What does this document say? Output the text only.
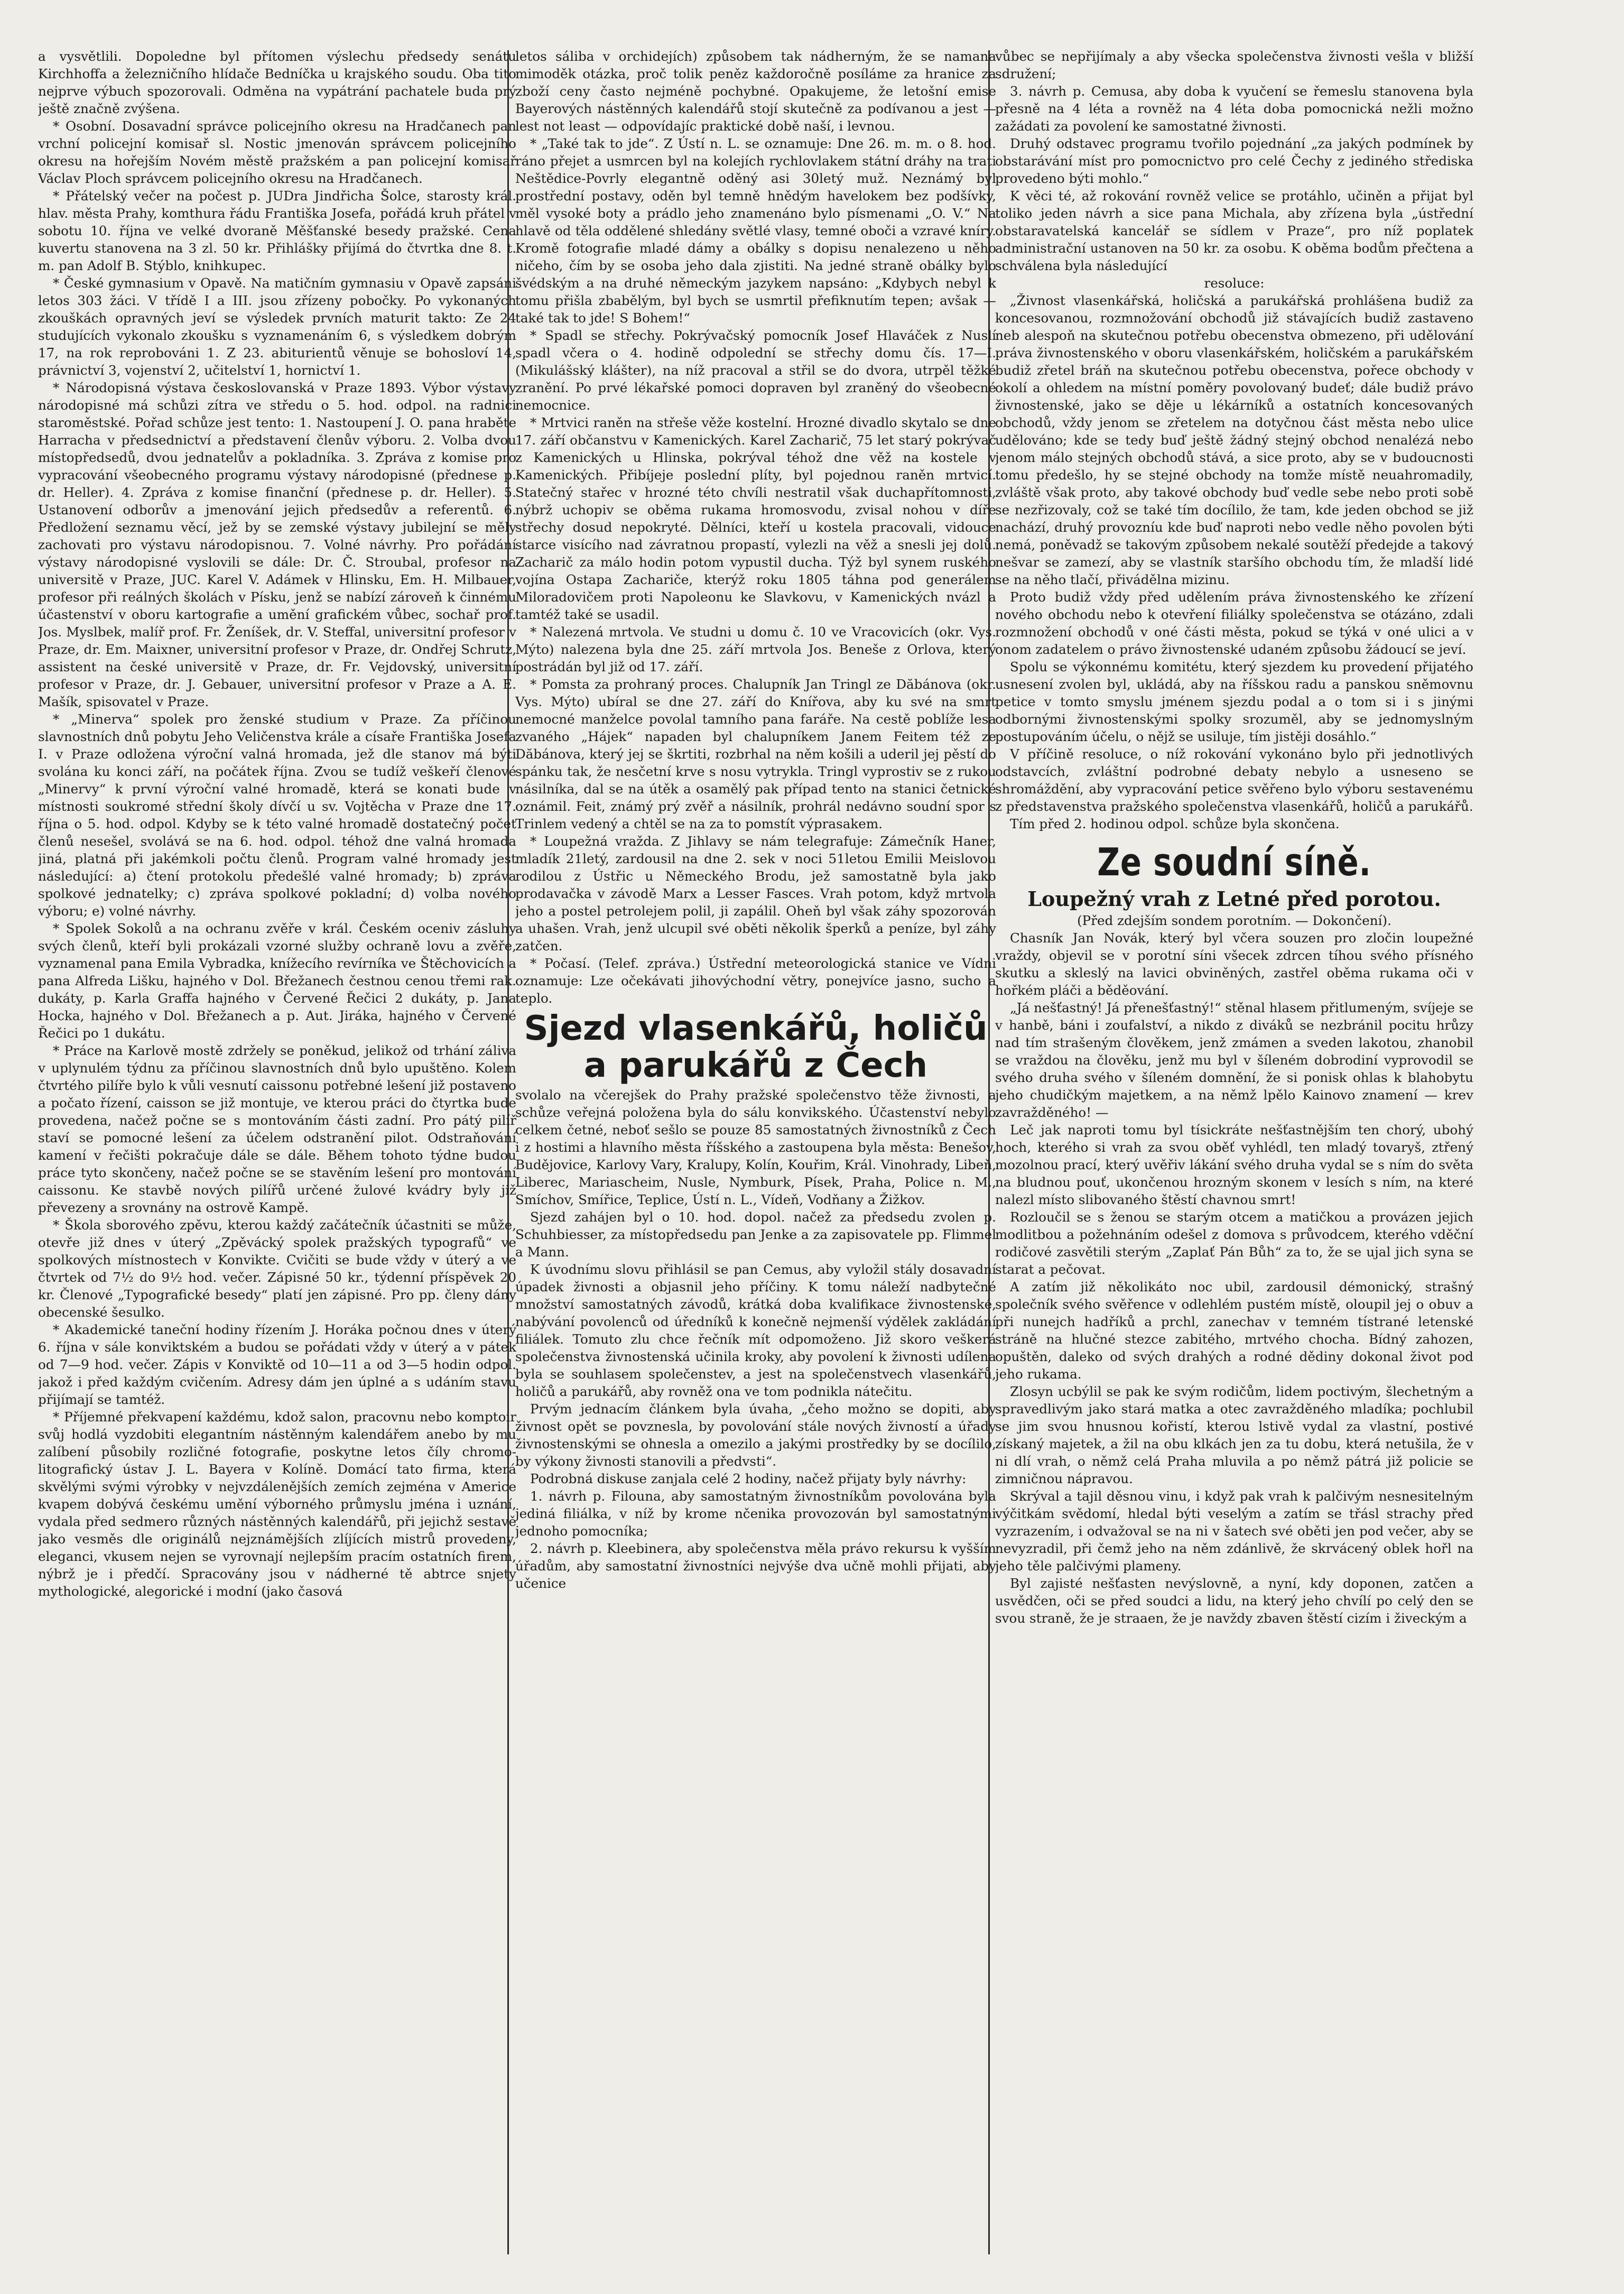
a vysvětlili. Dopoledne byl přítomen výslechu předsedy senátu Kirchhoffa a železničního hlídače Bedníčka u krajského soudu. Oba tito nejprve výbuch spozorovali. Odměna na vypátrání pachatele buda prý ještě značně zvýšena.

* Osobní. Dosavadní správce policejního okresu na Hradčanech pan vrchní policejní komisař sl. Nostic jmenován správcem policejního okresu na hořejším Novém městě pražském a pan policejní komisař Václav Ploch správcem policejního okresu na Hradčanech.

* Přátelský večer na počest p. JUDra Jindřicha Šolce, starosty král. hlav. města Prahy, komthura řádu Františka Josefa, pořádá kruh přátel v sobotu 10. října ve velké dvoraně Měšťanské besedy pražské. Cena kuvertu stanovena na 3 zl. 50 kr. Přihlášky přijímá do čtvrtka dne 8. t. m. pan Adolf B. Stýblo, knihkupec.

* České gymnasium v Opavě. Na matičním gymnasiu v Opavě zapsáni letos 303 žáci. V třídě I a III. jsou zřízeny pobočky. Po vykonaných zkouškách opravných jeví se výsledek prvních maturit takto: Ze 24 studujících vykonalo zkoušku s vyznamenáním 6, s výsledkem dobrým 17, na rok reprobováni 1. Z 23. abiturientů věnuje se bohosloví 14, právnictví 3, vojenství 2, učitelství 1, hornictví 1.

* Národopisná výstava českoslovanská v Praze 1893. Výbor výstavy národopisné má schůzi zítra ve středu o 5. hod. odpol. na radnici staroměstské. Pořad schůze jest tento: 1. Nastoupení J. O. pana hraběte Harracha v předsednictví a představení členův výboru. 2. Volba dvou místopředsedů, dvou jednatelův a pokladníka. 3. Zpráva z komise pro vypracování všeobecného programu výstavy národopisné (přednese p. dr. Heller). 4. Zpráva z komise finanční (přednese p. dr. Heller). 5. Ustanovení odborův a jmenování jejich předsedův a referentů. 6. Předložení seznamu věcí, jež by se zemské výstavy jubilejní se měly zachovati pro výstavu národopisnou. 7. Volné návrhy. Pro pořádání výstavy národopisné vyslovili se dále: Dr. Č. Stroubal, profesor na universitě v Praze, JUC. Karel V. Adámek v Hlinsku, Em. H. Milbauer, profesor při reálných školách v Písku, jenž se nabízí zároveň k činnému účastenství v oboru kartografie a umění grafickém vůbec, sochař prof. Jos. Myslbek, malíř prof. Fr. Ženíšek, dr. V. Steffal, universitní profesor v Praze, dr. Em. Maixner, universitní profesor v Praze, dr. Ondřej Schrutz, assistent na české universitě v Praze, dr. Fr. Vejdovský, universitní profesor v Praze, dr. J. Gebauer, universitní profesor v Praze a A. E. Mašík, spisovatel v Praze.

* „Minerva“ spolek pro ženské studium v Praze. Za příčinou slavnostních dnů pobytu Jeho Veličenstva krále a císaře Františka Josefa I. v Praze odložena výroční valná hromada, jež dle stanov má býti svolána ku konci září, na počátek října. Zvou se tudíž veškeří členové „Minervy“ k první výroční valné hromadě, která se konati bude v místnosti soukromé střední školy dívčí u sv. Vojtěcha v Praze dne 17. října o 5. hod. odpol. Kdyby se k této valné hromadě dostatečný počet členů nesešel, svolává se na 6. hod. odpol. téhož dne valná hromada jiná, platná při jakémkoli počtu členů. Program valné hromady jest následující: a) čtení protokolu předešlé valné hromady; b) zpráva spolkové jednatelky; c) zpráva spolkové pokladní; d) volba nového výboru; e) volné návrhy.

* Spolek Sokolů a na ochranu zvěře v král. Českém oceniv zásluhy svých členů, kteří byli prokázali vzorné služby ochraně lovu a zvěře, vyznamenal pana Emila Vybradka, knížecího revírníka ve Štěchovicích a pana Alfreda Lišku, hajného v Dol. Břežanech čestnou cenou třemi rak. dukáty, p. Karla Graffa hajného v Červené Řečici 2 dukáty, p. Jana Hocka, hajného v Dol. Břežanech a p. Aut. Jiráka, hajného v Červené Řečici po 1 dukátu.

* Práce na Karlově mostě zdržely se poněkud, jelikož od trhání záliva v uplynulém týdnu za příčinou slavnostních dnů bylo upuštěno. Kolem čtvrtého pilíře bylo k vůli vesnutí caissonu potřebné lešení již postaveno a počato řízení, caisson se již montuje, ve kterou práci do čtyrtka bude provedena, načež počne se s montováním části zadní. Pro pátý pilíř staví se pomocné lešení za účelem odstranění pilot. Odstraňování kamení v řečišti pokračuje dále se dále. Během tohoto týdne budou práce tyto skončeny, načež počne se se stavěním lešení pro montování caissonu. Ke stavbě nových pilířů určené žulové kvádry byly již převezeny a srovnány na ostrově Kampě.

* Škola sborového zpěvu, kterou každý začátečník účastniti se může, otevře již dnes v úterý „Zpěvácký spolek pražských typografů“ ve spolkových místnostech v Konvikte. Cvičiti se bude vždy v úterý a ve čtvrtek od 7½ do 9½ hod. večer. Zápisné 50 kr., týdenní příspěvek 20 kr. Členové „Typografické besedy“ platí jen zápisné. Pro pp. členy dány obecenské šesulko.

* Akademické taneční hodiny řízením J. Horáka počnou dnes v úterý 6. října v sále konviktském a budou se pořádati vždy v úterý a v pátek od 7—9 hod. večer. Zápis v Konviktě od 10—11 a od 3—5 hodin odpol. jakož i před každým cvičením. Adresy dám jen úplné a s udáním stavu přijímají se tamtéž.

* Příjemné překvapení každému, kdož salon, pracovnu nebo komptoir svůj hodlá vyzdobiti elegantním nástěnným kalendářem anebo by mu zalíbení působily rozličné fotografie, poskytne letos číly chromo-litografický ústav J. L. Bayera v Kolíně. Domácí tato firma, která skvělými svými výrobky v nejvzdálenějších zemích zejména v Americe kvapem dobývá českému umění výborného průmyslu jména i uznání, vydala před sedmero různých nástěnných kalendářů, při jejichž sestavě jako vesměs dle originálů nejznámějších zlíjících mistrů provedeny, eleganci, vkusem nejen se vyrovnají nejlepším pracím ostatních firem, nýbrž je i předčí. Spracovány jsou v nádherné tě abtrce snjety mythologické, alegorické i modní (jako časová

letos sáliba v orchidejích) způsobem tak nádherným, že se namana mimoděk otázka, proč tolik peněz každoročně posíláme za hranice za zboží ceny často nejméně pochybné. Opakujeme, že letošní emise Bayerových nástěnných kalendářů stojí skutečně za podívanou a jest — lest not least — odpovídajíc praktické době naší, i levnou.

* „Také tak to jde“. Z Ústí n. L. se oznamuje: Dne 26. m. m. o 8. hod. ráno přejet a usmrcen byl na kolejích rychlovlakem státní dráhy na trati Neštědice-Povrly elegantně oděný asi 30letý muž. Neznámý byl prostřední postavy, oděn byl temně hnědým havelokem bez podšívky, měl vysoké boty a prádlo jeho znamenáno bylo písmenami „O. V.“ Na hlavě od těla oddělené shledány světlé vlasy, temné oboči a vzravé kníry. Kromě fotografie mladé dámy a obálky s dopisu nenalezeno u něho ničeho, čím by se osoba jeho dala zjistiti. Na jedné straně obálky bylo švédským a na druhé německým jazykem napsáno: „Kdybych nebyl k tomu přišla zbabělým, byl bych se usmrtil přefiknutím tepen; avšak — také tak to jde! S Bohem!“

* Spadl se střechy. Pokrývačský pomocník Josef Hlaváček z Nuslí spadl včera o 4. hodině odpolední se střechy domu čís. 17—I. (Mikulášský klášter), na níž pracoval a střil se do dvora, utrpěl těžké zranění. Po prvé lékařské pomoci dopraven byl zraněný do všeobecné nemocnice.

* Mrtvici raněn na střeše věže kostelní. Hrozné divadlo skytalo se dne 17. září občanstvu v Kamenických. Karel Zacharič, 75 let starý pokrývač z Kamenických u Hlinska, pokrýval téhož dne věž na kostele v Kamenických. Přibíjeje poslední plíty, byl pojednou raněn mrtvicí. Statečný stařec v hrozné této chvíli nestratil však duchapřítomnosti, nýbrž uchopiv se oběma rukama hromosvodu, zvisal nohou v díře střechy dosud nepokryté. Dělníci, kteří u kostela pracovali, vidouce starce visícího nad závratnou propastí, vylezli na věž a snesli jej dolů. Zacharič za málo hodin potom vypustil duchа. Týž byl synem ruského vojína Ostapa Zachariče, kterýž roku 1805 táhna pod generálem Miloradovičem proti Napoleonu ke Slavkovu, v Kamenických nvázl a tamtéž také se usadil.

* Nalezená mrtvola. Ve studni u domu č. 10 ve Vracovicích (okr. Vys. Mýto) nalezena byla dne 25. září mrtvola Jos. Beneše z Orlova, který postrádán byl již od 17. září.

* Pomsta za prohraný proces. Chalupník Jan Tringl ze Dăbánova (okr. Vys. Mýto) ubíral se dne 27. září do Knířova, aby ku své na smrt nemocné manželce povolal tamního pana faráře. Na cestě poblíže lesa zvaného „Hájek“ napaden byl chalupníkem Janem Feitem též ze Dăbánova, který jej se škrtiti, rozbrhal na něm košili a uderil jej pěstí do spánku tak, že nesčetní krve s nosu vytrykla. Tringl vyprostiv se z rukou násilníka, dal se na útěk a osamělý pak případ tento na stanici četnické oznámil. Feit, známý prý zvěř a násilník, prohrál nedávno soudní spor s Trinlem vedený a chtěl se na za to pomstít výprasakem.

* Loupežná vražda. Z Jihlavy se nám telegrafuje: Zámečník Haner, mladík 21letý, zardousil na dne 2. sek v noci 51letou Emilii Meislovou rodilou z Ústřic u Německého Brodu, jež samostatně byla jako prodavačka v závodě Marx a Lesser Fasces. Vrah potom, když mrtvola jeho a postel petrolejem polil, ji zapálil. Oheň byl však záhy spozorován a uhašen. Vrah, jenž ulcupil své oběti několik šperků a peníze, byl záhy zatčen.

* Počasí. (Telef. zpráva.) Ústřední meteorologická stanice ve Vídni oznamuje: Lze očekávati jihovýchodní větry, ponejvíce jasno, sucho a teplo.

Sjezd vlasenkářů, holičů a parukářů z Čech

svolalo na včerejšek do Prahy pražské společenstvo těže živnosti, a schůze veřejná položena byla do sálu konvikského. Účastenství nebylo celkem četné, neboť sešlo se pouze 85 samostatných živnostníků z Čech i z hostimi a hlavního města říšského a zastoupena byla města: Benešov, Budějovice, Karlovy Vary, Kralupy, Kolín, Kouřim, Král. Vinohrady, Libeň, Liberec, Mariascheim, Nusle, Nymburk, Písek, Praha, Police n. M., Smíchov, Smířice, Teplice, Ústí n. L., Vídeň, Vodňany a Žižkov.

Sjezd zahájen byl o 10. hod. dopol. načež za předsedu zvolen p. Schuhbiesser, za místopředsedu pan Jenke a za zapisovatele pp. Flimmel a Mann.

K úvodnímu slovu přihlásil se pan Cemus, aby vyložil stály dosavadní úpadek živnosti a objasnil jeho příčiny. K tomu náleží nadbytečné množství samostatných závodů, krátká doba kvalifikace živnostenské, nabývání povolenců od úředníků k konečně nejmenší výdělek zakládání filiálek. Tomuto zlu chce řečník mít odpomoženo. Již skoro veškerá společenstva živnostenská učinila kroky, aby povolení k živnosti udílena byla se souhlasem společenstev, a jest na společenstvech vlasenkářů, holičů a parukářů, aby rovněž ona ve tom podnikla nátečitu.

Prvým jednacím článkem byla úvaha, „čeho možno se dopiti, aby živnost opět se povznesla, by povolování stále nových živností a úřady živnostenskými se ohnesla a omezilo a jakými prostředky by se docílilo, by výkony živnosti stanovili a předvsti“.

Podrobná diskuse zanjala celé 2 hodiny, načež přijaty byly návrhy:

1. návrh p. Filouna, aby samostatným živnostníkům povolována byla jediná filiálka, v níž by krome nčenika provozován byl samostatnými jednoho pomocníka;

2. návrh p. Kleebinera, aby společenstva měla právo rekursu k vyšším úřadům, aby samostatní živnostníci nejvýše dva učně mohli přijati, aby učenice

vůbec se nepřijímaly a aby všecka společenstva živnosti vešla v bližší sdružení;

3. návrh p. Cemusa, aby doba k vyučení se řemeslu stanovena byla přesně na 4 léta a rovněž na 4 léta doba pomocnická nežli možno zažádati za povolení ke samostatné živnosti.

Druhý odstavec programu tvořilo pojednání „za jakých podmínek by obstarávání míst pro pomocnictvo pro celé Čechy z jediného střediska provedeno býti mohlo.“

K věci té, až rokování rovněž velice se protáhlo, učiněn a přijat byl toliko jeden návrh a sice pana Michala, aby zřízena byla „ústřední obstaravatelská kancelář se sídlem v Praze“, pro níž poplatek administrační ustanoven na 50 kr. za osobu. K oběma bodům přečtena a schválena byla následující

resoluce:

„Živnost vlasenkářská, holičská a parukářská prohlášena budiž za koncesovanou, rozmnožování obchodů již stávajících budiž zastaveno neb alespoň na skutečnou potřebu obecenstva obmezeno, při udělování práva živnostenského v oboru vlasenkářském, holičském a parukářském budiž zřetel bráň na skutečnou potřebu obecenstva, pořece obchody v okolí a ohledem na místní poměry povolovaný budeť; dále budiž právo živnostenské, jako se děje u lékárníků a ostatních koncesovaných obchodů, vždy jenom se zřetelem na dotyčnou část města nebo ulice udělováno; kde se tedy buď ještě žádný stejný obchod nenalézá nebo jenom málo stejných obchodů stává, a sice proto, aby se v budoucnosti tomu předešlo, hy se stejné obchody na tomže místě neuahromadily, zvláště však proto, aby takové obchody buď vedle sebe nebo proti sobě se nezřizovaly, což se také tím docílilo, že tam, kde jeden obchod se již nachází, druhý provozníu kde buď naproti nebo vedle něho povolen býti nemá, poněvadž se takovým způsobem nekalé soutěží předejde a takový nešvar se zamezí, aby se vlastník staršího obchodu tím, že mladší lidé se na něho tlačí, přivádělna mizinu.

Proto budiž vždy před udělením práva živnostenského ke zřízení nového obchodu nebo k otevření filiálky společenstva se otázáno, zdali rozmnožení obchodů v oné části města, pokud se týká v oné ulici a v onom zadatelem o právo živnostenské udaném způsobu žádoucí se jeví.

Spolu se výkonnému komitétu, který sjezdem ku provedení přijatého usnesení zvolen byl, ukládá, aby na říšskou radu a panskou sněmovnu petice v tomto smyslu jménem sjezdu podal a o tom si i s jinými odbornými živnostenskými spolky srozuměl, aby se jednomyslným postupováním účelu, o nějž se usiluje, tím jistěji dosáhlo.“

V příčině resoluce, o níž rokování vykonáno bylo při jednotlivých odstavcích, zvláštní podrobné debaty nebylo a usneseno se shromáždění, aby vypracování petice svěřeno bylo výboru sestavenému z představenstva pražského společenstva vlasenkářů, holičů a parukářů.

Tím před 2. hodinou odpol. schůze byla skončena.

Ze soudní síně.

Loupežný vrah z Letné před porotou.

(Před zdejším sondem porotním. — Dokončení).

Chasník Jan Novák, který byl včera souzen pro zločin loupežné vraždy, objevil se v porotní síni všecek zdrcen tíhou svého přísného skutku a skleslý na lavici obviněných, zastřel oběma rukama oči v hořkém pláči a běděování.

„Já nešťastný! Já přenešťastný!“ stěnal hlasem přitlumeným, svíjeje se v hanbě, báni i zoufalství, a nikdo z diváků se nezbránil pocitu hrůzy nad tím strašeným člověkem, jenž zmámen a sveden lakotou, zhanobil se vraždou na člověku, jenž mu byl v šíleném dobrodiní vyprovodil se svého druha svého v šíleném domnění, že si ponisk ohlas k blahobytu jeho chudičkým majetkem, a na němž lpělo Kainovo znamení — krev zavražděného! —

Leč jak naproti tomu byl tísickráte nešťastnějším ten chorý, ubohý hoch, kterého si vrah za svou oběť vyhlédl, ten mladý tovaryš, ztřený mozolnou prací, který uvěřiv lákání svého druha vydal se s ním do světa na bludnou pouť, ukončenou hrozným skonem v lesích s ním, na které nalezl místo slibovaného štěstí chavnou smrt!

Rozloučil se s ženou se starým otcem a matičkou a provázen jejich modlitbou a požehnáním odešel z domova s průvodcem, kterého vděční rodičové zasvětili sterým „Zaplať Pán Bůh“ za to, že se ujal jich syna se starat a pečovat.

A zatím již několikáto noc ubil, zardousil démonický, strašný společník svého svěřence v odlehlém pustém místě, oloupil jej o obuv a při nunejch hadříků a prchl, zanechav v temném tístrané letenské stráně na hlučné stezce zabitého, mrtvého chocha. Bídný zahozen, opuštěn, daleko od svých drahých a rodné dědiny dokonal život pod jeho rukama.

Zlosyn ucbýlil se pak ke svým rodičům, lidem poctivým, šlechetným a spravedlivým jako stará matka a otec zavražděného mladíka; pochlubil se jim svou hnusnou kořistí, kterou lstivě vydal za vlastní, postivé získaný majetek, a žil na obu klkách jen za tu dobu, která netušila, že v ni dlí vrah, o němž celá Praha mluvila a po němž pátrá již policie se zimničnou nápravou.

Skrýval a tajil děsnou vinu, i když pak vrah k palčivým nesnesitelným výčitkám svědomí, hledal býti veselým a zatím se třásl strachy před vyzrazením, i odvažoval se na ni v šatech své oběti jen pod večer, aby se nevyzradil, při čemž jeho na něm zdánlivě, že skrvácený oblek hořl na jeho těle palčivými plameny.

Byl zajisté nešťasten nevýslovně, a nyní, kdy doponen, zatčen a usvědčen, oči se před soudci a lidu, na který jeho chvílí po celý den se svou straně, že je straaen, že je navždy zbaven štěstí cizím i živeckým a
